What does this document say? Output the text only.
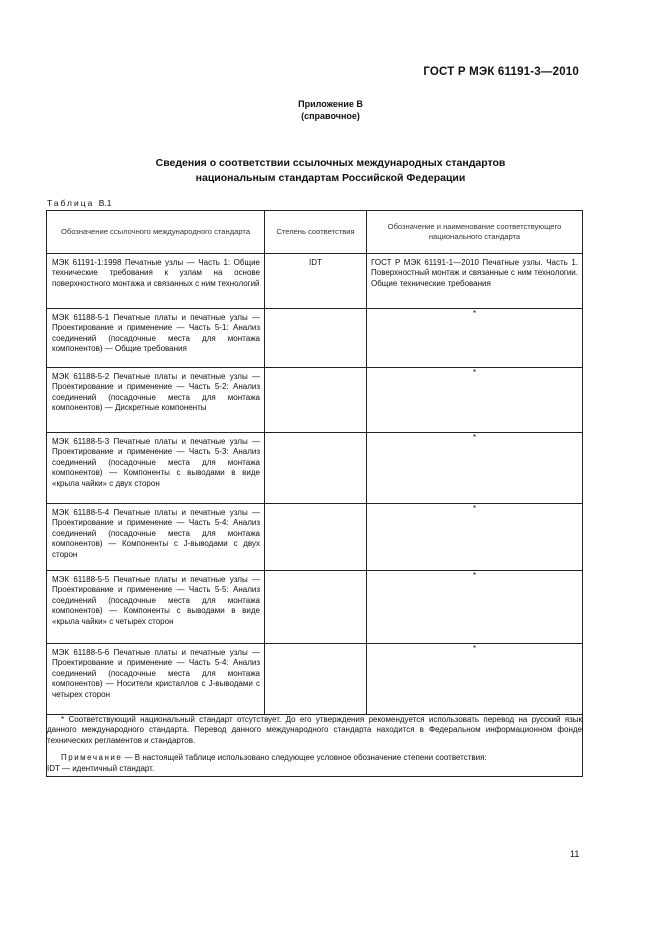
ГОСТ Р МЭК 61191-3—2010
Приложение В
(справочное)
Сведения о соответствии ссылочных международных стандартов
национальным стандартам Российской Федерации
Таблица В.1
Обозначение ссылочного международного стандарта	Степень соответствия	Обозначение и наименование соответствующего национального стандарта

МЭК 61191-1:1998 Печатные узлы — Часть 1: Общие технические требования к узлам на основе поверхностного монтажа и связанных с ним технологий	IDT	ГОСТ Р МЭК 61191-1—2010 Печатные узлы. Часть 1. Поверхностный монтаж и связанные с ним технологии. Общие технические требования

МЭК 61188-5-1 Печатные платы и печатные узлы — Проектирование и применение — Часть 5-1: Анализ соединений (посадочные места для монтажа компонентов) — Общие требования		*

МЭК 61188-5-2 Печатные платы и печатные узлы — Проектирование и применение — Часть 5-2: Анализ соединений (посадочные места для монтажа компонентов) — Дискретные компоненты		*

МЭК 61188-5-3 Печатные платы и печатные узлы — Проектирование и применение — Часть 5-3: Анализ соединений (посадочные места для монтажа компонентов) — Компоненты с выводами в виде «крыла чайки» с двух сторон		*

МЭК 61188-5-4 Печатные платы и печатные узлы — Проектирование и применение — Часть 5-4: Анализ соединений (посадочные места для монтажа компонентов) — Компоненты с J-выводами с двух сторон		*

МЭК 61188-5-5 Печатные платы и печатные узлы — Проектирование и применение — Часть 5-5: Анализ соединений (посадочные места для монтажа компонентов) — Компоненты с выводами в виде «крыла чайки» с четырех сторон		*

МЭК 61188-5-6 Печатные платы и печатные узлы — Проектирование и применение — Часть 5-4: Анализ соединений (посадочные места для монтажа компонентов) — Носители кристаллов с J-выводами с четырех сторон		*

* Соответствующий национальный стандарт отсутствует. До его утверждения рекомендуется использовать перевод на русский язык данного международного стандарта. Перевод данного международного стандарта находится в Федеральном информационном фонде технических регламентов и стандартов.

Примечание — В настоящей таблице использовано следующее условное обозначение степени соответствия:

IDT — идентичный стандарт.		

11
